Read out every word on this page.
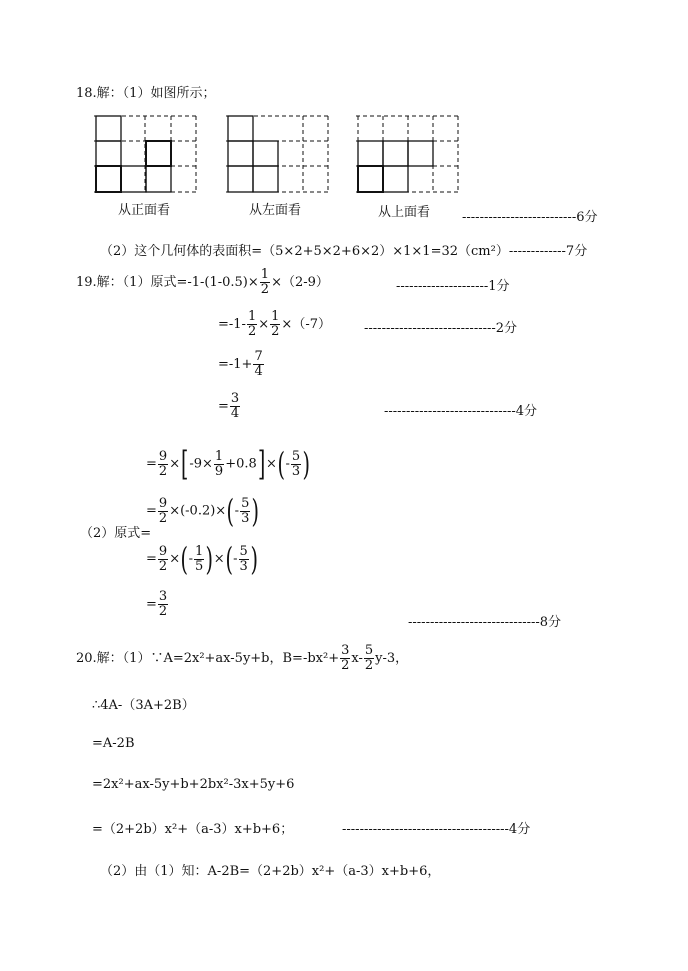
18.解：（1）如图所示；
从正面看	从左面看	从上面看 --------------------------6分
（2）这个几何体的表面积=（5×2+5×2+6×2）×1×1=32（cm²）-------------7分
19.解：（1）原式$=-1-(1-0.5)\times \frac{1}{2} \times(2-9)$	---------------------1分
$=-1- \frac{1}{2} \times \frac{1}{2} \times(-7)$	------------------------------2分
$=-1+ \frac{7}{4}$
= $\frac{3}{4}$	------------------------------4分
= $\frac{9}{2} \times[-9\times \frac{1}{9} +0.8]\times(- \frac{5}{3}$ )
（2）原式=
= $\frac{9}{2} \times(-0.2)\times(- \frac{5}{3}$ )
= $\frac{9}{2}$ ×(- $\frac{1}{5}$ )×(- $\frac{5}{3}$ )
= $\frac{3}{2}$
------------------------------8分
20.解：（1）∵A=2x²+ax-5y+b，$B=-bx^2+ \frac{3}{2} x- \frac{5}{2} y-3$，
∴4A-（3A+2B）
=A-2B
=2x²+ax-5y+b+2bx²-3x+5y+6
=（2+2b）x²+（a-3）x+b+6；	--------------------------------------4分
（2）由（1）知：A-2B=（2+2b）x²+（a-3）x+b+6，
